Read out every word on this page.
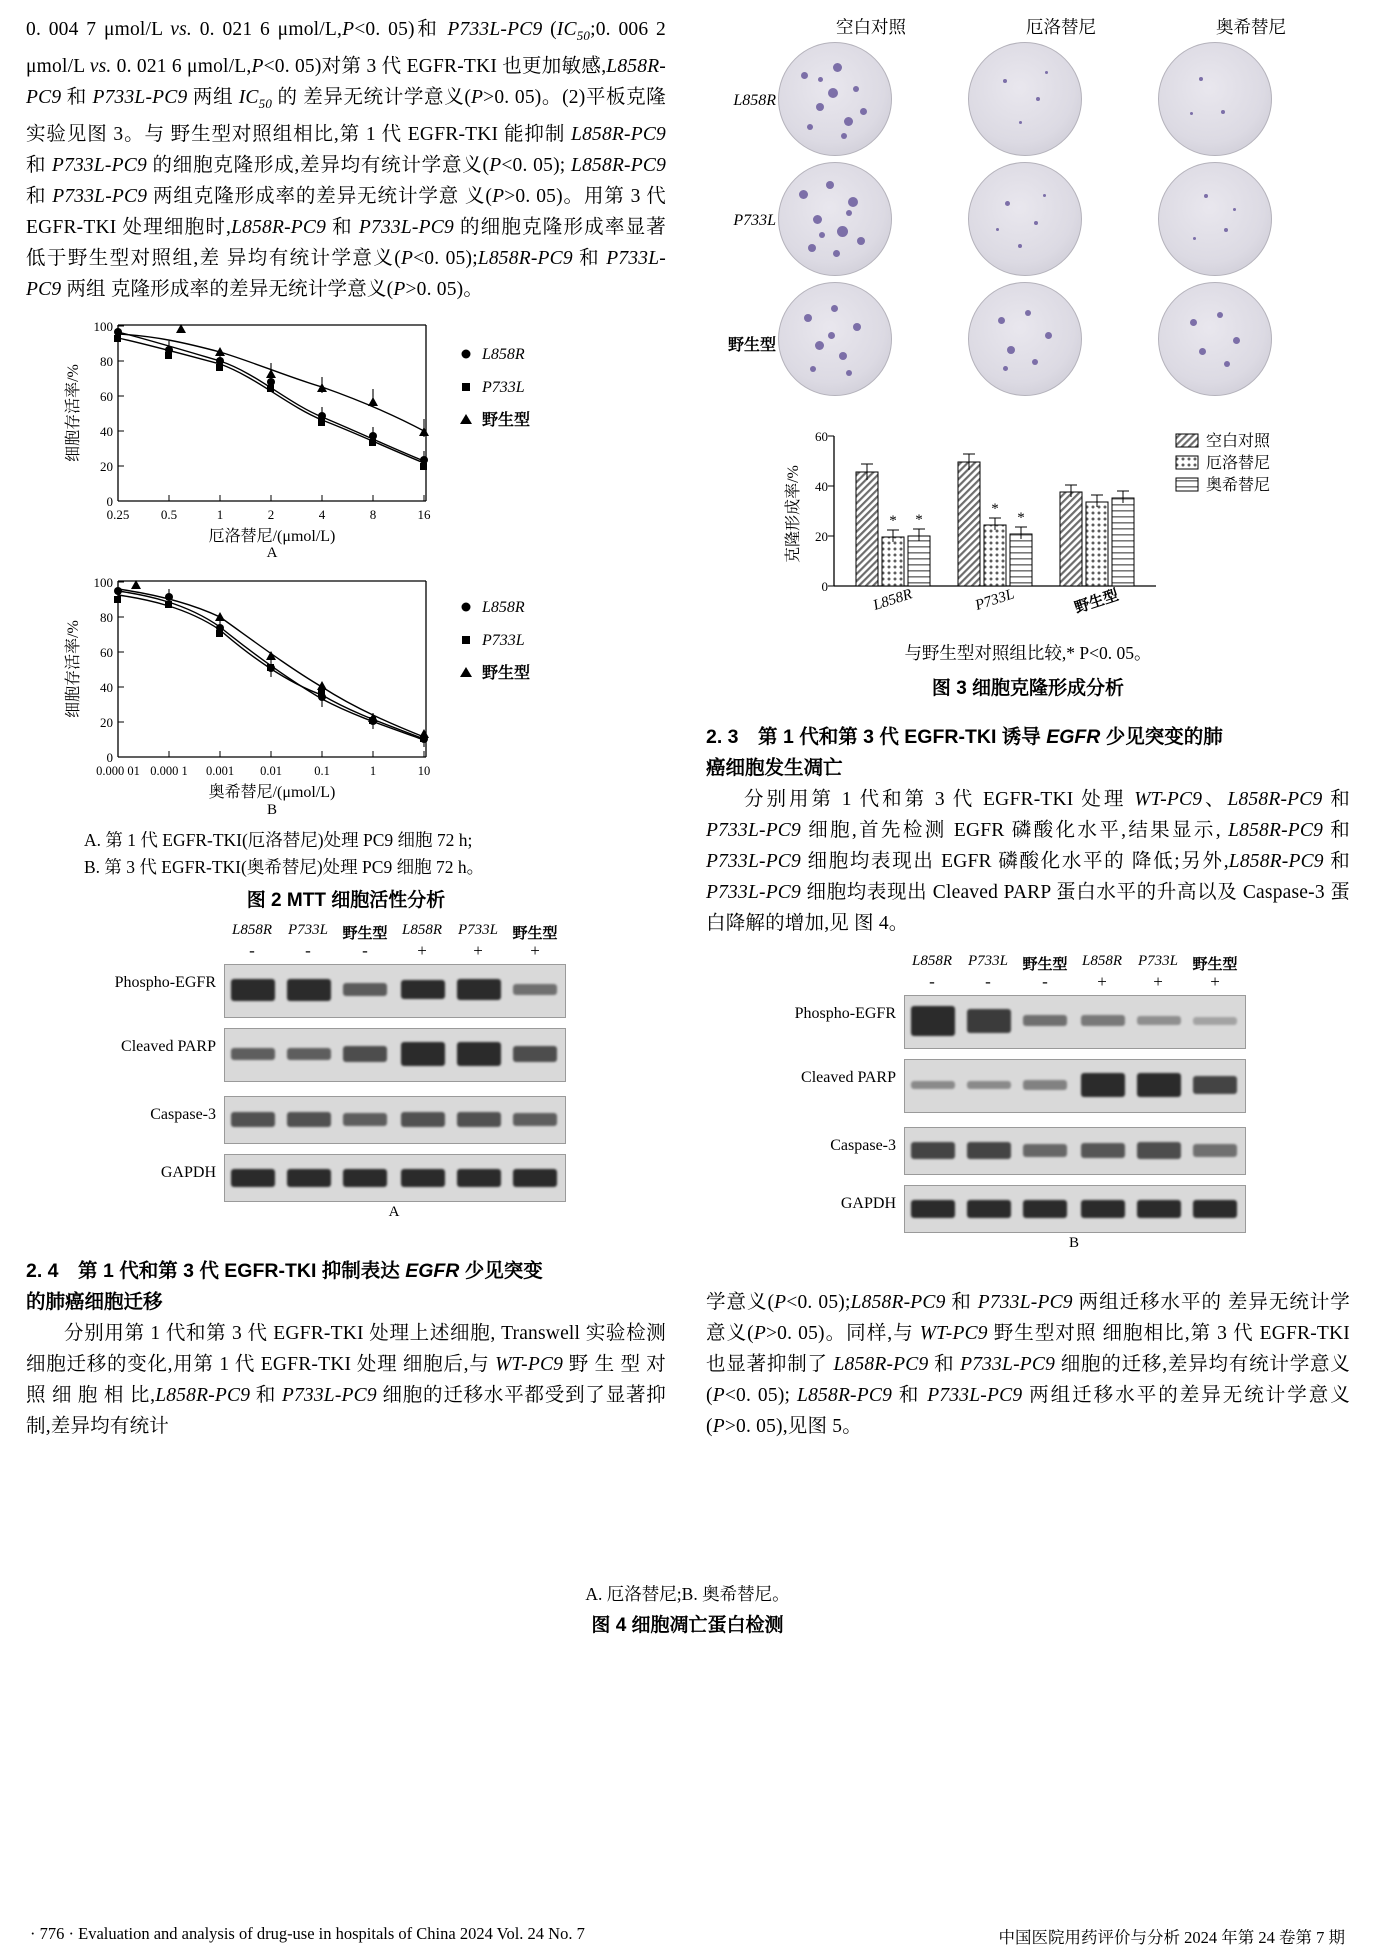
0. 004 7 μmol/L vs. 0. 021 6 μmol/L,P<0. 05)和 P733L-PC9 ($IC_{50};0$. 006 2 μmol/L vs. 0. 021 6 μmol/L,P<0. 05)对第 3 代 EGFR-TKI 也更加敏感,L858R-PC9 和 P733L-PC9 两组 $IC_{50}$ 的 差异无统计学意义(P>0. 05)。(2)平板克隆实验见图 3。与 野生型对照组相比,第 1 代 EGFR-TKI 能抑制 L858R-PC9 和 P733L-PC9 的细胞克隆形成,差异均有统计学意义(P<0. 05); L858R-PC9 和 P733L-PC9 两组克隆形成率的差异无统计学意 义(P>0. 05)。用第 3 代 EGFR-TKI 处理细胞时,L858R-PC9 和 P733L-PC9 的细胞克隆形成率显著低于野生型对照组,差 异均有统计学意义(P<0. 05);L858R-PC9 和 P733L-PC9 两组 克隆形成率的差异无统计学意义(P>0. 05)。

0
20
40
60
80
100
0.25 0.5	1	2	4	8	16
厄洛替尼/(μmol/L)
A
细胞存活率/%
L858R
P733L
野生型
0
20
40
60
80
100
0.000 01 0.000 1 0.001 0.01	0.1	1	10
奥希替尼/(μmol/L)
B
细胞存活率/%
L858R
P733L
野生型
A. 第 1 代 EGFR-TKI(厄洛替尼)处理 PC9 细胞 72 h;
B. 第 3 代 EGFR-TKI(奥希替尼)处理 PC9 细胞 72 h。
图 2 MTT 细胞活性分析
L858R	P733L 野生型 L858R	P733L 野生型
-	-	-	+	+	+
Phospho-EGFR
Cleaved PARP
Caspase-3
GAPDH
A
2. 4　第 1 代和第 3 代 EGFR-TKI 抑制表达 EGFR 少见突变
的肺癌细胞迁移

分别用第 1 代和第 3 代 EGFR-TKI 处理上述细胞, Transwell 实验检测细胞迁移的变化,用第 1 代 EGFR-TKI 处理 细胞后,与 WT-PC9 野 生 型 对 照 细 胞 相 比,L858R-PC9 和 P733L-PC9 细胞的迁移水平都受到了显著抑制,差异均有统计

空白对照	厄洛替尼	奥希替尼
L858R
P733L
野生型
0
20
40
60
克隆形成率/%	* *
*
*
L858R	P733L	野生型
空白对照
厄洛替尼
奥希替尼
与野生型对照组比较,* P<0. 05。
图 3 细胞克隆形成分析
2. 3　第 1 代和第 3 代 EGFR-TKI 诱导 EGFR 少见突变的肺
癌细胞发生凋亡

分别用第 1 代和第 3 代 EGFR-TKI 处理 WT-PC9、L858R-PC9 和 P733L-PC9 细胞,首先检测 EGFR 磷酸化水平,结果显示, L858R-PC9 和 P733L-PC9 细胞均表现出 EGFR 磷酸化水平的 降低;另外,L858R-PC9 和 P733L-PC9 细胞均表现出 Cleaved PARP 蛋白水平的升高以及 Caspase-3 蛋白降解的增加,见 图 4。

L858R	P733L 野生型 L858R	P733L 野生型
-	-	-	+	+	+
Phospho-EGFR
Cleaved PARP
Caspase-3
GAPDH
B

学意义(P<0. 05);L858R-PC9 和 P733L-PC9 两组迁移水平的 差异无统计学意义(P>0. 05)。同样,与 WT-PC9 野生型对照 细胞相比,第 3 代 EGFR-TKI 也显著抑制了 L858R-PC9 和 P733L-PC9 细胞的迁移,差异均有统计学意义(P<0. 05); L858R-PC9 和 P733L-PC9 两组迁移水平的差异无统计学意义 (P>0. 05),见图 5。

A. 厄洛替尼;B. 奥希替尼。
图 4 细胞凋亡蛋白检测
· 776 · Evaluation and analysis of drug-use in hospitals of China 2024 Vol. 24 No. 7	中国医院用药评价与分析 2024 年第 24 卷第 7 期
